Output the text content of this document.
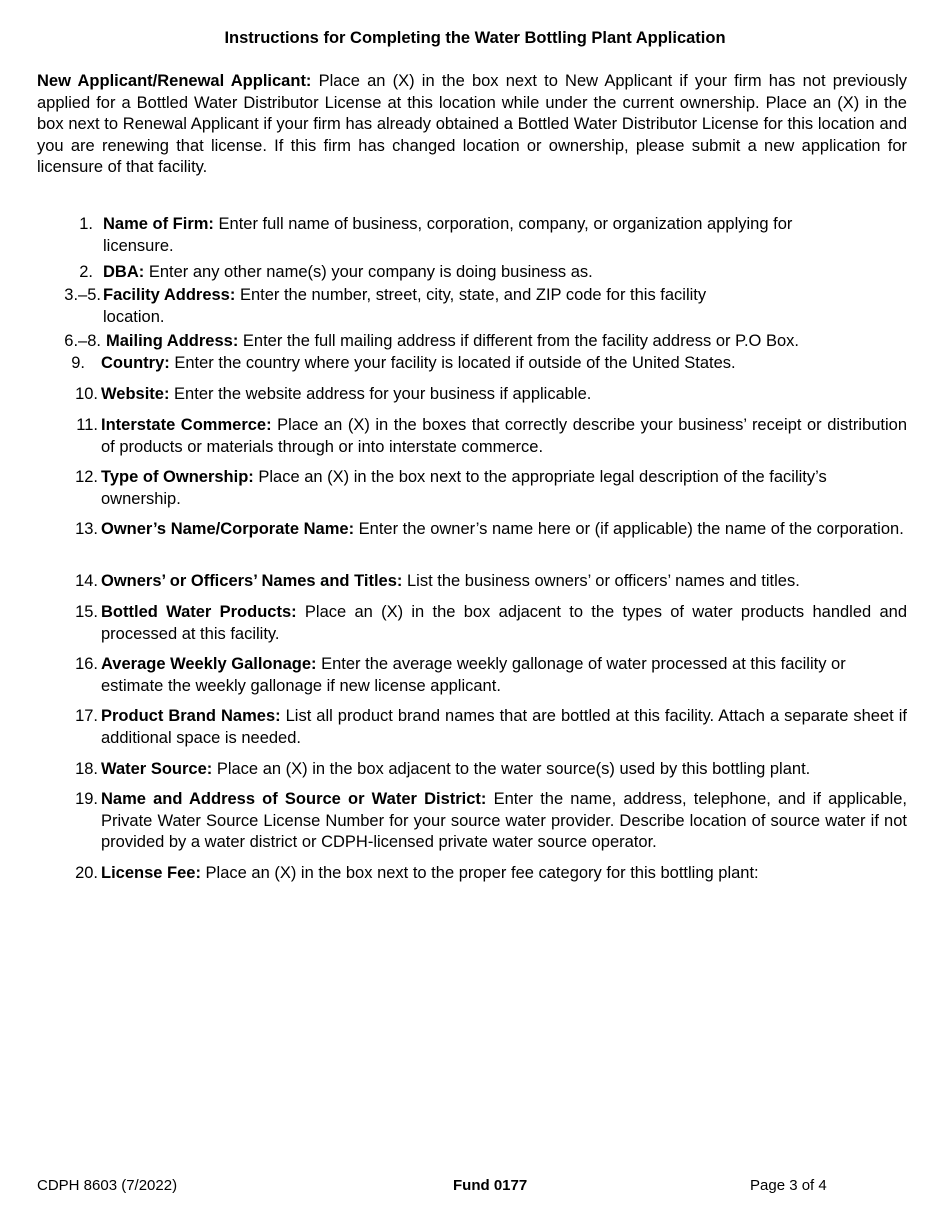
Instructions for Completing the Water Bottling Plant Application
New Applicant/Renewal Applicant: Place an (X) in the box next to New Applicant if your firm has not previously applied for a Bottled Water Distributor License at this location while under the current ownership. Place an (X) in the box next to Renewal Applicant if your firm has already obtained a Bottled Water Distributor License for this location and you are renewing that license. If this firm has changed location or ownership, please submit a new application for licensure of that facility.
1. Name of Firm: Enter full name of business, corporation, company, or organization applying for licensure.
2. DBA: Enter any other name(s) your company is doing business as.
3.–5. Facility Address: Enter the number, street, city, state, and ZIP code for this facility location.
6.–8. Mailing Address: Enter the full mailing address if different from the facility address or P.O Box.
9. Country: Enter the country where your facility is located if outside of the United States.
10. Website: Enter the website address for your business if applicable.
11. Interstate Commerce: Place an (X) in the boxes that correctly describe your business’ receipt or distribution of products or materials through or into interstate commerce.
12. Type of Ownership: Place an (X) in the box next to the appropriate legal description of the facility’s ownership.
13. Owner’s Name/Corporate Name: Enter the owner’s name here or (if applicable) the name of the corporation.
14. Owners’ or Officers’ Names and Titles: List the business owners’ or officers’ names and titles.
15. Bottled Water Products: Place an (X) in the box adjacent to the types of water products handled and processed at this facility.
16. Average Weekly Gallonage: Enter the average weekly gallonage of water processed at this facility or estimate the weekly gallonage if new license applicant.
17. Product Brand Names: List all product brand names that are bottled at this facility. Attach a separate sheet if additional space is needed.
18. Water Source: Place an (X) in the box adjacent to the water source(s) used by this bottling plant.
19. Name and Address of Source or Water District: Enter the name, address, telephone, and if applicable, Private Water Source License Number for your source water provider. Describe location of source water if not provided by a water district or CDPH-licensed private water source operator.
20. License Fee: Place an (X) in the box next to the proper fee category for this bottling plant:
CDPH 8603 (7/2022)	Fund 0177	Page 3 of 4
